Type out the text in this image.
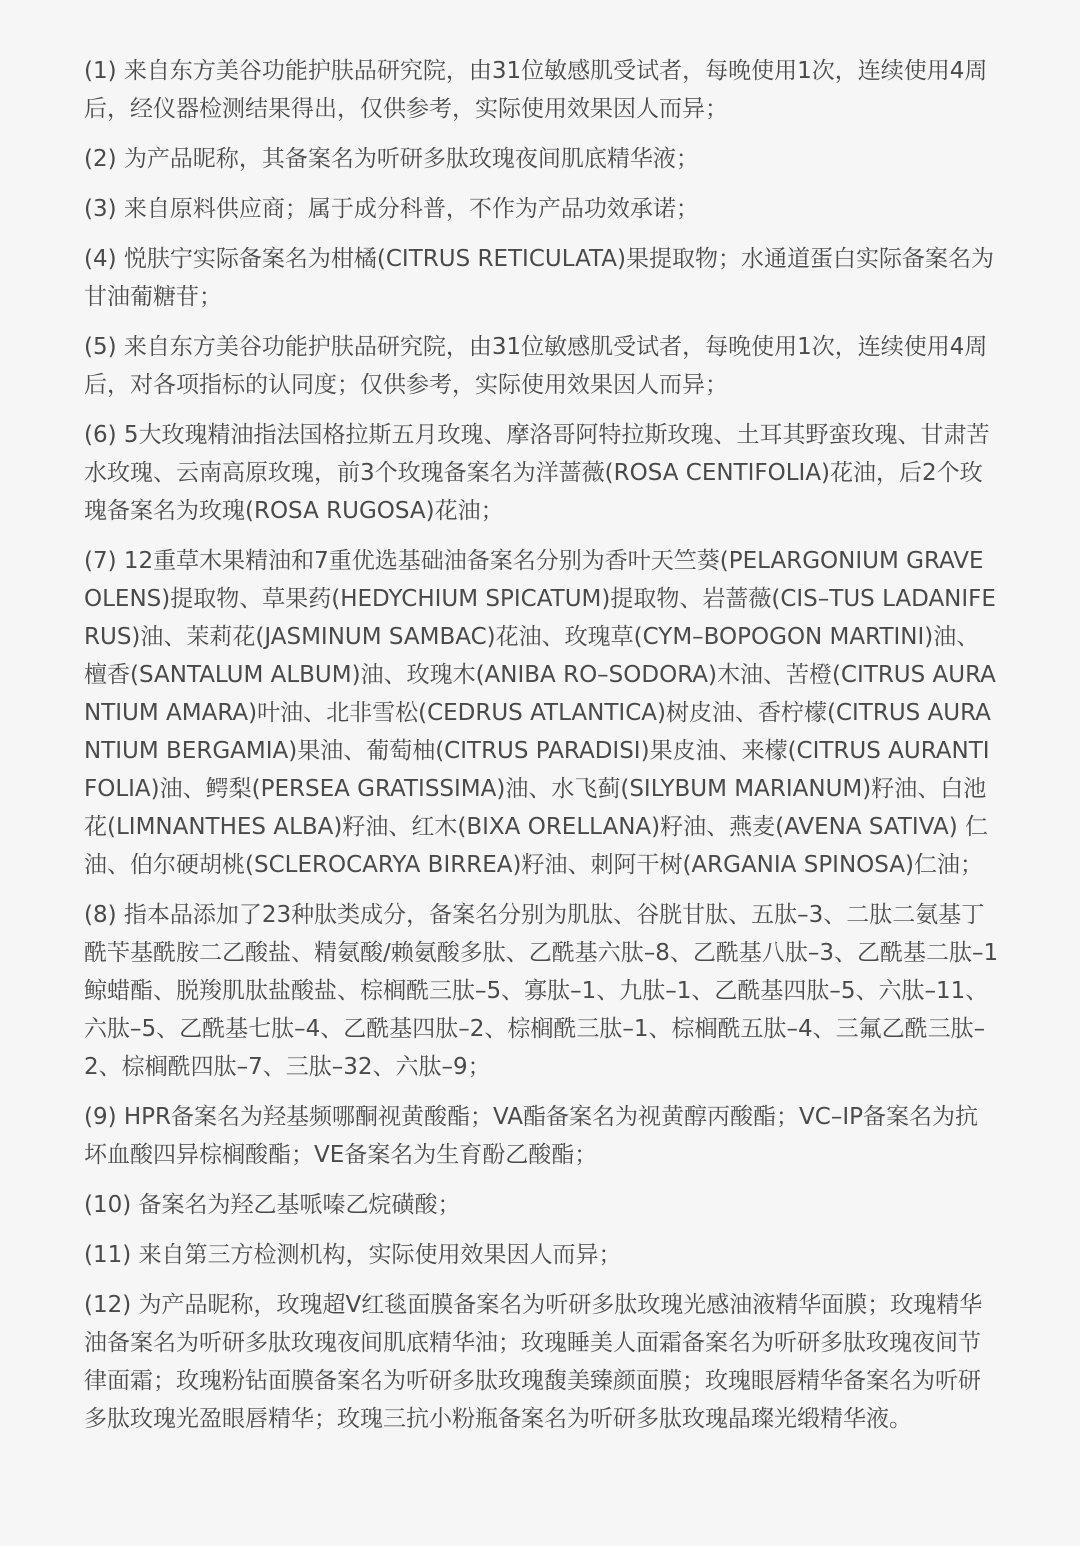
(1) 来自东方美谷功能护肤品研究院，由31位敏感肌受试者，每晚使用1次，连续使用4周后，经仪器检测结果得出，仅供参考，实际使用效果因人而异；

(2) 为产品昵称，其备案名为听研多肽玫瑰夜间肌底精华液；

(3) 来自原料供应商；属于成分科普，不作为产品功效承诺；

(4) 悦肤宁实际备案名为柑橘(CITRUS RETICULATA)果提取物；水通道蛋白实际备案名为甘油葡糖苷；

(5) 来自东方美谷功能护肤品研究院，由31位敏感肌受试者，每晚使用1次，连续使用4周后，对各项指标的认同度；仅供参考，实际使用效果因人而异；

(6) 5大玫瑰精油指法国格拉斯五月玫瑰、摩洛哥阿特拉斯玫瑰、土耳其野蛮玫瑰、甘肃苦水玫瑰、云南高原玫瑰，前3个玫瑰备案名为洋蔷薇(ROSA CENTIFOLIA)花油，后2个玫瑰备案名为玫瑰(ROSA RUGOSA)花油；

(7) 12重草木果精油和7重优选基础油备案名分别为香叶天竺葵(PELARGONIUM GRAVEOLENS)提取物、草果药(HEDYCHIUM SPICATUM)提取物、岩蔷薇(CIS–TUS LADANIFERUS)油、茉莉花(JASMINUM SAMBAC)花油、玫瑰草(CYM–BOPOGON MARTINI)油、檀香(SANTALUM ALBUM)油、玫瑰木(ANIBA RO–SODORA)木油、苦橙(CITRUS AURANTIUM AMARA)叶油、北非雪松(CEDRUS ATLANTICA)树皮油、香柠檬(CITRUS AURANTIUM BERGAMIA)果油、葡萄柚(CITRUS PARADISI)果皮油、来檬(CITRUS AURANTIFOLIA)油、鳄梨(PERSEA GRATISSIMA)油、水飞蓟(SILYBUM MARIANUM)籽油、白池花(LIMNANTHES ALBA)籽油、红木(BIXA ORELLANA)籽油、燕麦(AVENA SATIVA) 仁油、伯尔硬胡桃(SCLEROCARYA BIRREA)籽油、刺阿干树(ARGANIA SPINOSA)仁油；

(8) 指本品添加了23种肽类成分，备案名分别为肌肽、谷胱甘肽、五肽–3、二肽二氨基丁酰苄基酰胺二乙酸盐、精氨酸/赖氨酸多肽、乙酰基六肽–8、乙酰基八肽–3、乙酰基二肽–1 鲸蜡酯、脱羧肌肽盐酸盐、棕榈酰三肽–5、寡肽–1、九肽–1、乙酰基四肽–5、六肽–11、六肽–5、乙酰基七肽–4、乙酰基四肽–2、棕榈酰三肽–1、棕榈酰五肽–4、三氟乙酰三肽–2、棕榈酰四肽–7、三肽–32、六肽–9；

(9) HPR备案名为羟基频哪酮视黄酸酯；VA酯备案名为视黄醇丙酸酯；VC–IP备案名为抗坏血酸四异棕榈酸酯；VE备案名为生育酚乙酸酯；

(10) 备案名为羟乙基哌嗪乙烷磺酸；

(11) 来自第三方检测机构，实际使用效果因人而异；

(12) 为产品昵称，玫瑰超V红毯面膜备案名为听研多肽玫瑰光感油液精华面膜；玫瑰精华油备案名为听研多肽玫瑰夜间肌底精华油；玫瑰睡美人面霜备案名为听研多肽玫瑰夜间节律面霜；玫瑰粉钻面膜备案名为听研多肽玫瑰馥美臻颜面膜；玫瑰眼唇精华备案名为听研多肽玫瑰光盈眼唇精华；玫瑰三抗小粉瓶备案名为听研多肽玫瑰晶璨光缎精华液。
